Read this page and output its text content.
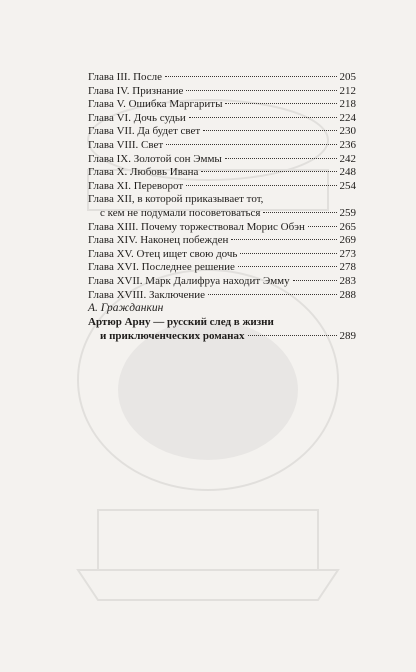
Глава III. После	205
Глава IV. Признание	212
Глава V. Ошибка Маргариты	218
Глава VI. Дочь судьи	224
Глава VII. Да будет свет	230
Глава VIII. Свет	236
Глава IX. Золотой сон Эммы	242
Глава X. Любовь Ивана	248
Глава XI. Переворот	254
Глава XII, в которой приказывает тот,
с кем не подумали посоветоваться	259
Глава XIII. Почему торжествовал Морис Обэн	265
Глава XIV. Наконец побежден	269
Глава XV. Отец ищет свою дочь	273
Глава XVI. Последнее решение	278
Глава XVII. Марк Далифруа находит Эмму	283
Глава XVIII. Заключение	288
А. Гражданкин
Артюр Арну — русский след в жизни
и приключенческих романах	289
